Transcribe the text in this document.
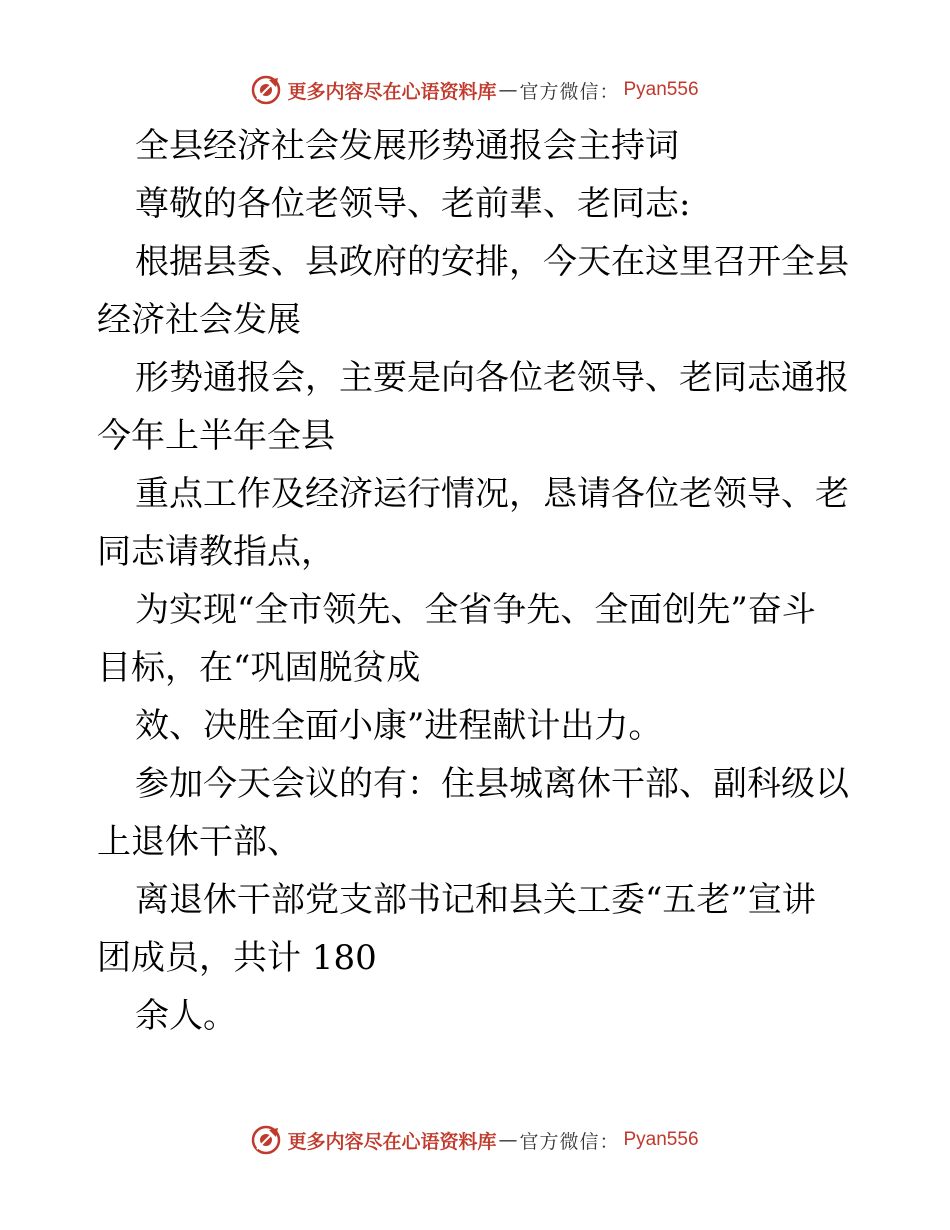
更多内容尽在心语资料库 — 官方微信： Pyan556
全县经济社会发展形势通报会主持词
尊敬的各位老领导、老前辈、老同志:
根据县委、县政府的安排，今天在这里召开全县
经济社会发展
形势通报会，主要是向各位老领导、老同志通报
今年上半年全县
重点工作及经济运行情况，恳请各位老领导、老
同志请教指点，
为实现“全市领先、全省争先、全面创先”奋斗
目标，在“巩固脱贫成
效、决胜全面小康”进程献计出力。
参加今天会议的有：住县城离休干部、副科级以
上退休干部、
离退休干部党支部书记和县关工委“五老”宣讲
团成员，共计 180
余人。
更多内容尽在心语资料库 — 官方微信： Pyan556
